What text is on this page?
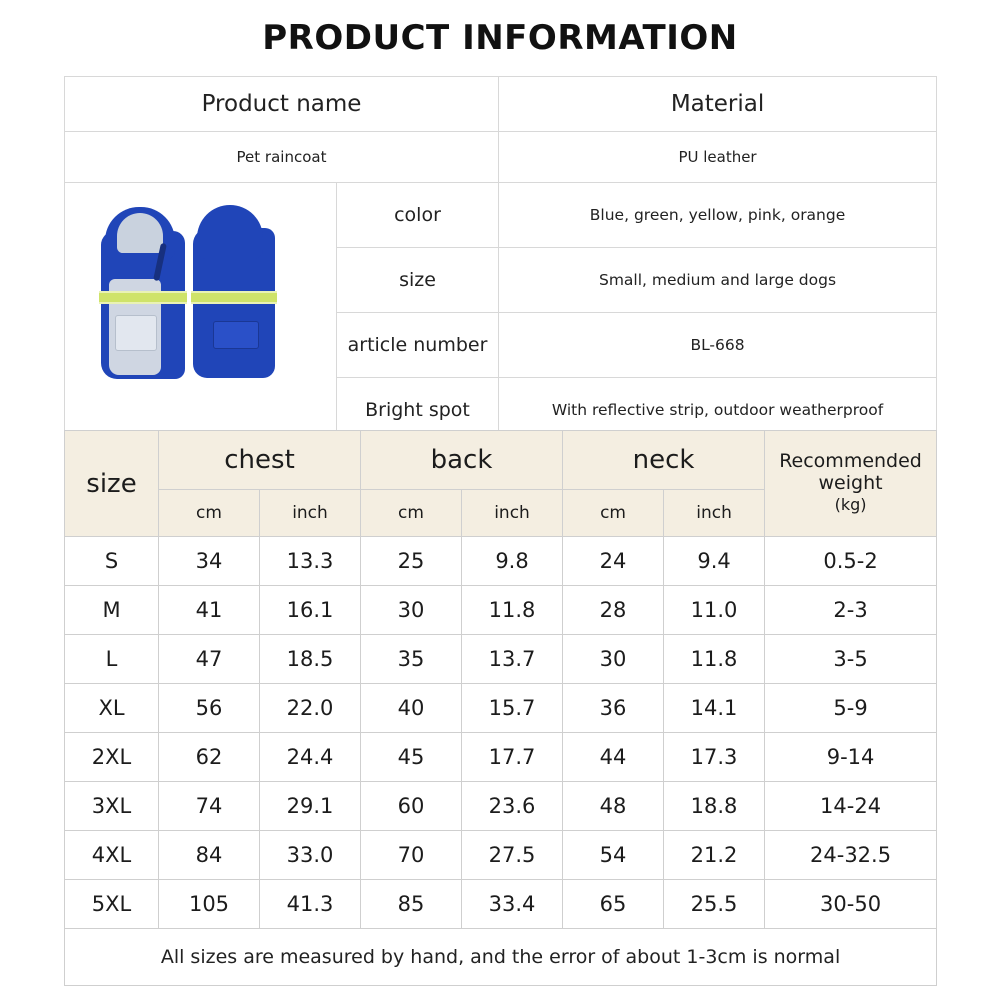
PRODUCT INFORMATION
Product name		Material
Pet raincoat		PU leather

	color	Blue, green, yellow, pink, orange
	size	Small, medium and large dogs
	article number	BL-668
	Bright spot	With reflective strip, outdoor weatherproof
size	chest		back		neck		Recommended weight
(kg)
	cm	inch	cm	inch	cm	inch	
S	34	13.3	25	9.8	24	9.4	0.5-2
M	41	16.1	30	11.8	28	11.0	2-3
L	47	18.5	35	13.7	30	11.8	3-5
XL	56	22.0	40	15.7	36	14.1	5-9
2XL	62	24.4	45	17.7	44	17.3	9-14
3XL	74	29.1	60	23.6	48	18.8	14-24
4XL	84	33.0	70	27.5	54	21.2	24-32.5
5XL	105	41.3	85	33.4	65	25.5	30-50
All sizes are measured by hand, and the error of about 1-3cm is normal							
